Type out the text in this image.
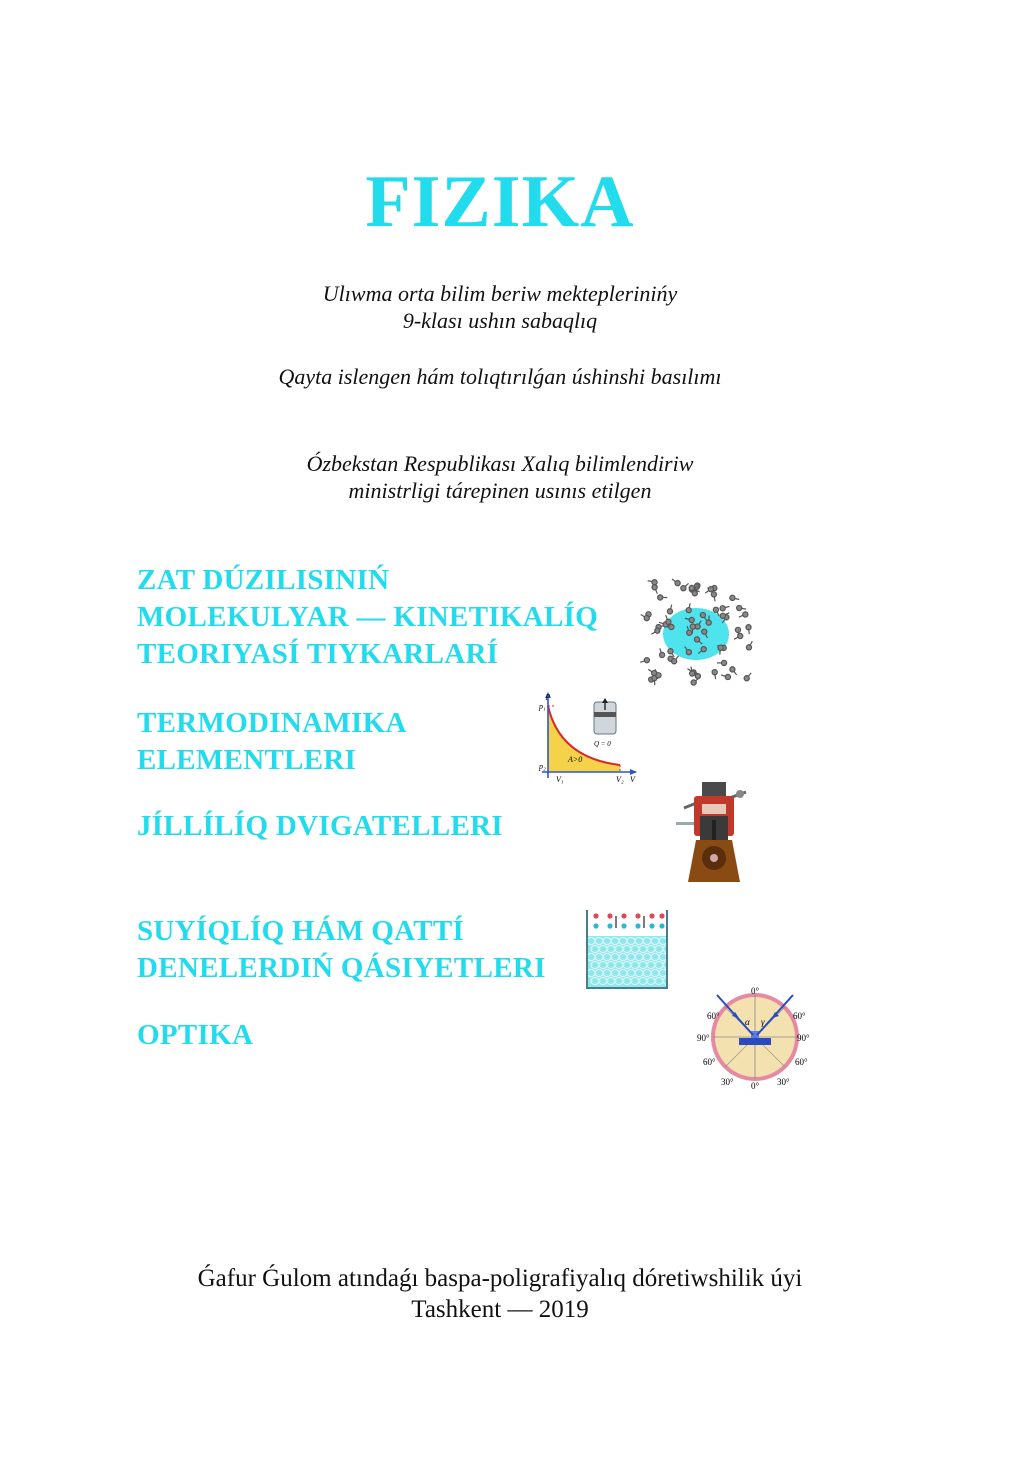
FIZIKA
Ulıwma orta bilim beriw mekteplerinińy
9-klası ushın sabaqlıq
Qayta islengen hám tolıqtırılǵan úshinshi basılımı
Ózbekstan Respublikası Xalıq bilimlendiriw
ministrligi tárepinen usınıs etilgen
ZAT DÚZILISINIŃ
MOLEKULYAR — KINETIKALÍQ
TEORIYASÍ TIYKARLARÍ
TERMODINAMIKA
ELEMENTLERI
p
p₁
p₂
V₁	V₂ V
A>0
Q = 0
JÍLLÍLÍQ DVIGATELLERI
SUYÍQLÍQ HÁM QATTÍ
DENELERDIŃ QÁSIYETLERI
OPTIKA
0°
0°
60°	60°
90°	90°
60°	60°
30°	30°
α γ
Ǵafur Ǵulom atındaǵı baspa-poligrafiyalıq dóretiwshilik úyi
Tashkent — 2019
